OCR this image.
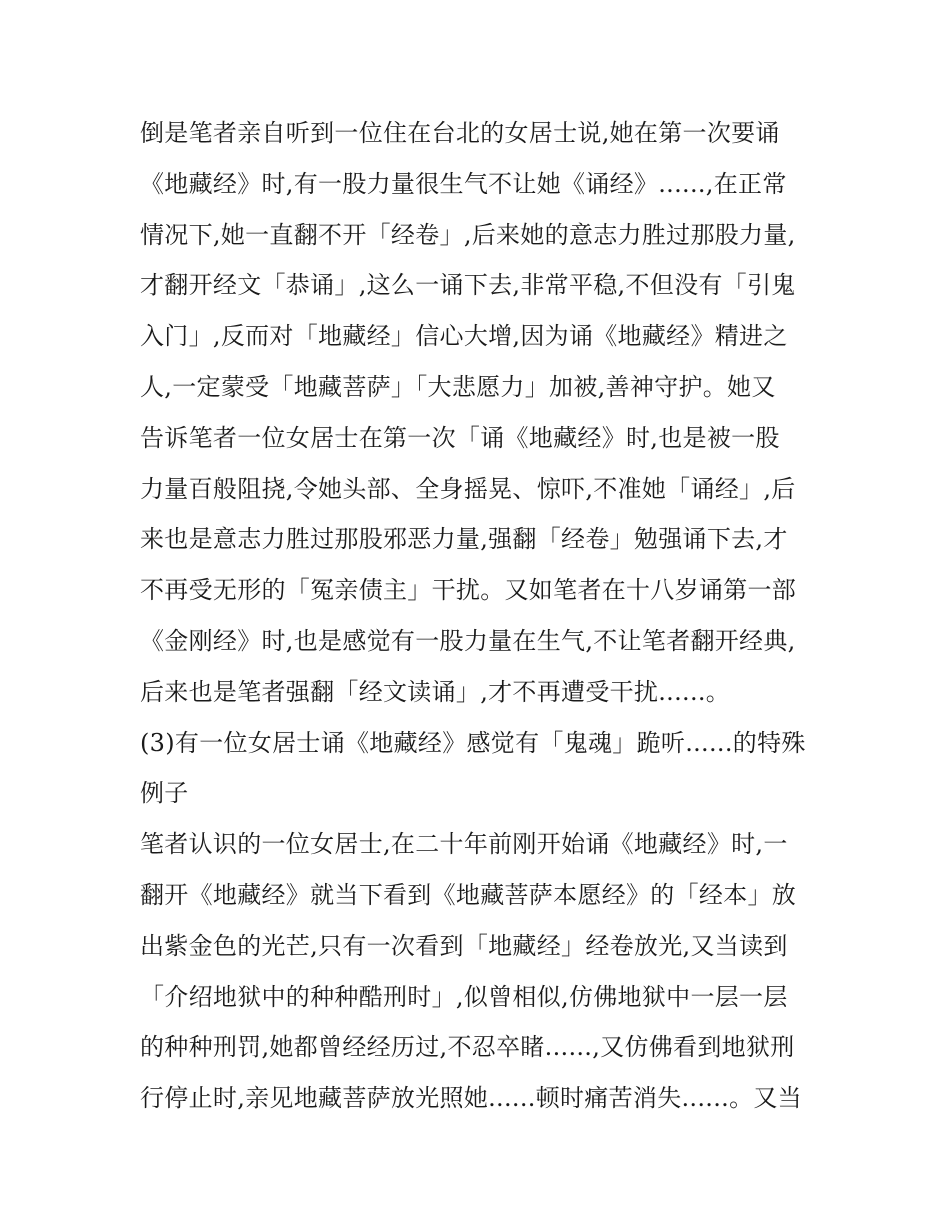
倒是笔者亲自听到一位住在台北的女居士说,她在第一次要诵
《地藏经》时,有一股力量很生气不让她《诵经》......,在正常
情况下,她一直翻不开「经卷」,后来她的意志力胜过那股力量,
才翻开经文「恭诵」,这么一诵下去,非常平稳,不但没有「引鬼
入门」,反而对「地藏经」信心大增,因为诵《地藏经》精进之
人,一定蒙受「地藏菩萨」「大悲愿力」加被,善神守护。她又
告诉笔者一位女居士在第一次「诵《地藏经》时,也是被一股
力量百般阻挠,令她头部、全身摇晃、惊吓,不准她「诵经」,后
来也是意志力胜过那股邪恶力量,强翻「经卷」勉强诵下去,才
不再受无形的「冤亲债主」干扰。又如笔者在十八岁诵第一部
《金刚经》时,也是感觉有一股力量在生气,不让笔者翻开经典,
后来也是笔者强翻「经文读诵」,才不再遭受干扰......。
(3)有一位女居士诵《地藏经》感觉有「鬼魂」跪听......的特殊
例子
笔者认识的一位女居士,在二十年前刚开始诵《地藏经》时,一
翻开《地藏经》就当下看到《地藏菩萨本愿经》的「经本」放
出紫金色的光芒,只有一次看到「地藏经」经卷放光,又当读到
「介绍地狱中的种种酷刑时」,似曾相似,仿佛地狱中一层一层
的种种刑罚,她都曾经经历过,不忍卒睹......,又仿佛看到地狱刑
行停止时,亲见地藏菩萨放光照她......顿时痛苦消失......。又当
